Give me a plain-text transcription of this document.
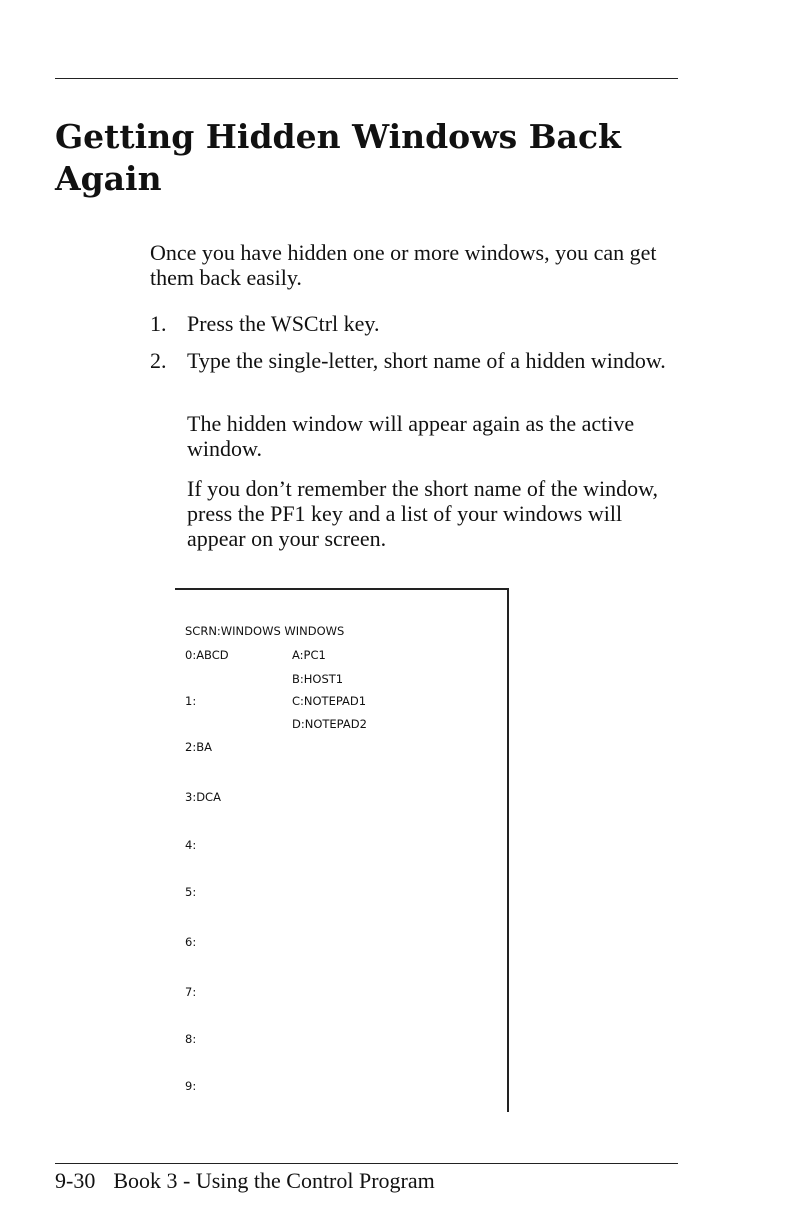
Getting Hidden Windows Back
Again

Once you have hidden one or more windows, you can get them back easily.

1. Press the WSCtrl key.

2. Type the single-letter, short name of a hidden window.

The hidden window will appear again as the active window.

If you don’t remember the short name of the window, press the PF1 key and a list of your windows will appear on your screen.

SCRN:WINDOWS WINDOWS
0:ABCD	A:PC1
B:HOST1
1:	C:NOTEPAD1
D:NOTEPAD2
2:BA
3:DCA
4:
5:
6:
7:
8:
9:
9-30 Book 3 - Using the Control Program
